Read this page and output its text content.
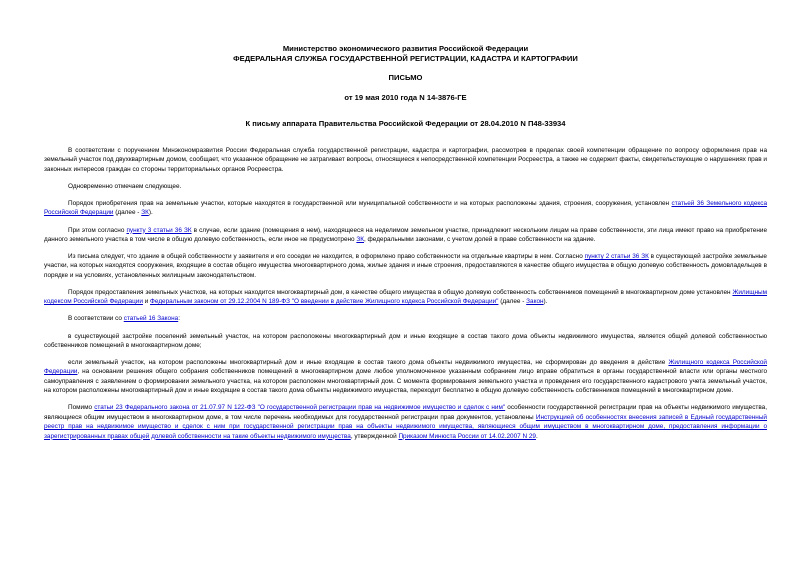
Министерство экономического развития Российской Федерации
ФЕДЕРАЛЬНАЯ СЛУЖБА ГОСУДАРСТВЕННОЙ РЕГИСТРАЦИИ, КАДАСТРА И КАРТОГРАФИИ
ПИСЬМО
от 19 мая 2010 года N 14-3876-ГЕ
К письму аппарата Правительства Российской Федерации от 28.04.2010 N П48-33934

В соответствии с поручением Минэкономразвития России Федеральная служба государственной регистрации, кадастра и картографии, рассмотрев в пределах своей компетенции обращение по вопросу оформления прав на земельный участок под двухквартирным домом, сообщает, что указанное обращение не затрагивает вопросы, относящиеся к непосредственной компетенции Росреестра, а также не содержит факты, свидетельствующие о нарушениях прав и законных интересов граждан со стороны территориальных органов Росреестра.

Одновременно отмечаем следующее.

Порядок приобретения прав на земельные участки, которые находятся в государственной или муниципальной собственности и на которых расположены здания, строения, сооружения, установлен статьей 36 Земельного кодекса Российской Федерации (далее - ЗК).

При этом согласно пункту 3 статьи 36 ЗК в случае, если здание (помещения в нем), находящееся на неделимом земельном участке, принадлежит нескольким лицам на праве собственности, эти лица имеют право на приобретение данного земельного участка в том числе в общую долевую собственность, если иное не предусмотрено ЗК, федеральными законами, с учетом долей в праве собственности на здание.

Из письма следует, что здание в общей собственности у заявителя и его соседки не находится, в оформлено право собственности на отдельные квартиры в нем. Согласно пункту 2 статьи 36 ЗК в существующей застройке земельные участки, на которых находятся сооружения, входящие в состав общего имущества многоквартирного дома, жилые здания и иные строения, предоставляются в качестве общего имущества в общую долевую собственность домовладельцев в порядке и на условиях, установленных жилищным законодательством.

Порядок предоставления земельных участков, на которых находится многоквартирный дом, в качестве общего имущества в общую долевую собственность собственников помещений в многоквартирном доме установлен Жилищным кодексом Российской Федерации и Федеральным законом от 29.12.2004 N 189-ФЗ "О введении в действие Жилищного кодекса Российской Федерации" (далее - Закон).

В соответствии со статьей 16 Закона:

в существующей застройке поселений земельный участок, на котором расположены многоквартирный дом и иные входящие в состав такого дома объекты недвижимого имущества, является общей долевой собственностью собственников помещений в многоквартирном доме;

если земельный участок, на котором расположены многоквартирный дом и иные входящие в состав такого дома объекты недвижимого имущества, не сформирован до введения в действие Жилищного кодекса Российской Федерации, на основании решения общего собрания собственников помещений в многоквартирном доме любое уполномоченное указанным собранием лицо вправе обратиться в органы государственной власти или органы местного самоуправления с заявлением о формировании земельного участка, на котором расположен многоквартирный дом. С момента формирования земельного участка и проведения его государственного кадастрового учета земельный участок, на котором расположены многоквартирный дом и иные входящие в состав такого дома объекты недвижимого имущества, переходит бесплатно в общую долевую собственность собственников помещений в многоквартирном доме.

Помимо статьи 23 Федерального закона от 21.07.97 N 122-ФЗ "О государственной регистрации прав на недвижимое имущество и сделок с ним" особенности государственной регистрации прав на объекты недвижимого имущества, являющиеся общим имуществом в многоквартирном доме, в том числе перечень необходимых для государственной регистрации прав документов, установлены Инструкцией об особенностях внесения записей в Единый государственный реестр прав на недвижимое имущество и сделок с ним при государственной регистрации прав на объекты недвижимого имущества, являющиеся общим имуществом в многоквартирном доме, предоставления информации о зарегистрированных правах общей долевой собственности на такие объекты недвижимого имущества, утвержденной Приказом Минюста России от 14.02.2007 N 29.
